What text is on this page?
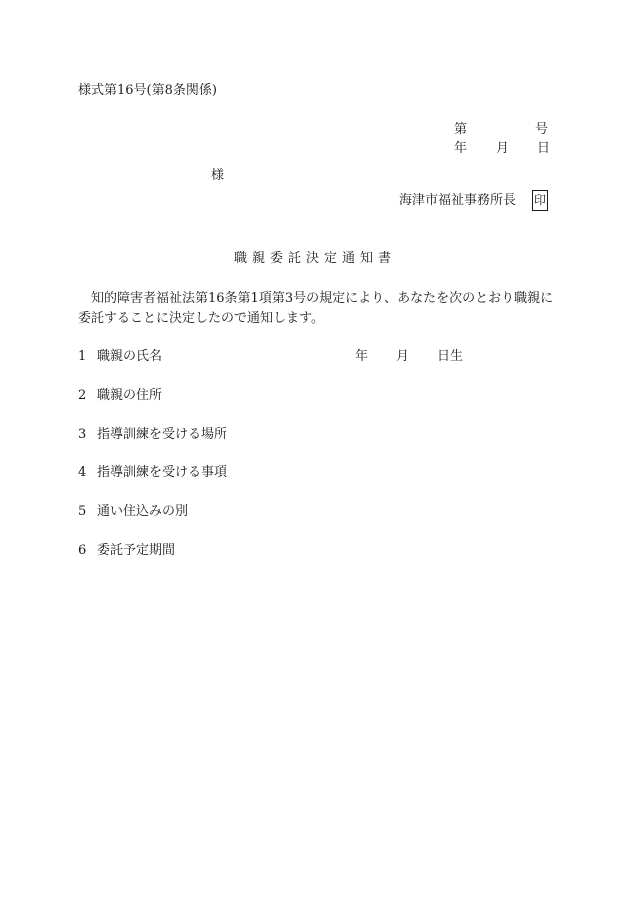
様式第16号(第8条関係)
第	号
年 月 日
様
海津市福祉事務所長 印
職親委託決定通知書
知的障害者福祉法第16条第1項第3号の規定により、あなたを次のとおり職親に委託することに決定したので通知します。
1 職親の氏名	年 月 日生
2 職親の住所
3 指導訓練を受ける場所
4 指導訓練を受ける事項
5 通い住込みの別
6 委託予定期間
